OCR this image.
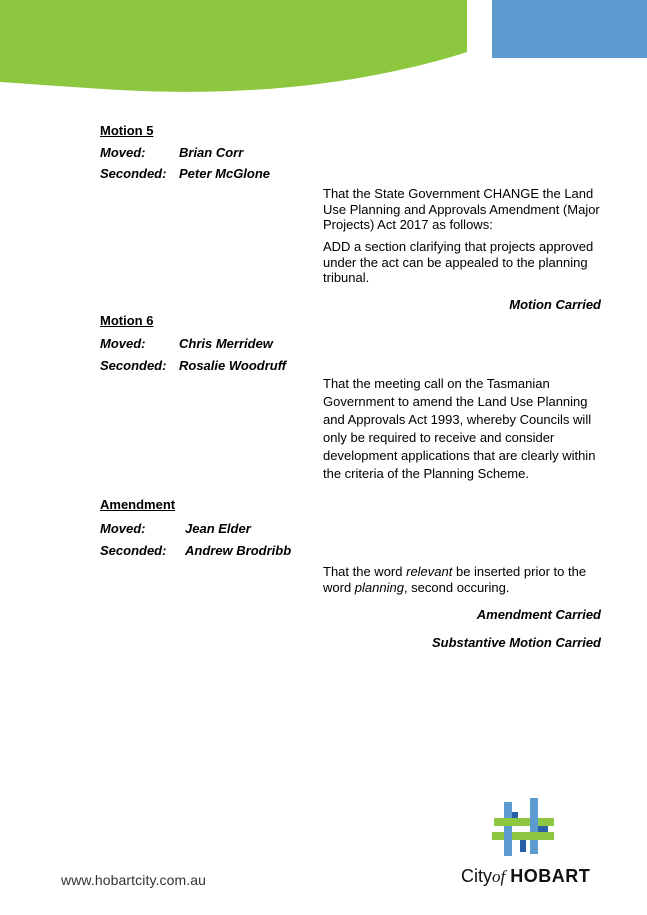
Motion 5
Moved:	Brian Corr
Seconded: Peter McGlone
That the State Government CHANGE the Land Use Planning and Approvals Amendment (Major Projects) Act 2017 as follows:
ADD a section clarifying that projects approved under the act can be appealed to the planning tribunal.
Motion Carried
Motion 6
Moved:	Chris Merridew
Seconded: Rosalie Woodruff
That the meeting call on the Tasmanian Government to amend the Land Use Planning and Approvals Act 1993, whereby Councils will only be required to receive and consider development applications that are clearly within the criteria of the Planning Scheme.
Amendment
Moved:	Jean Elder
Seconded: Andrew Brodribb
That the word relevant be inserted prior to the word planning, second occuring.
Amendment Carried
Substantive Motion Carried
www.hobartcity.com.au	Cityof HOBART
